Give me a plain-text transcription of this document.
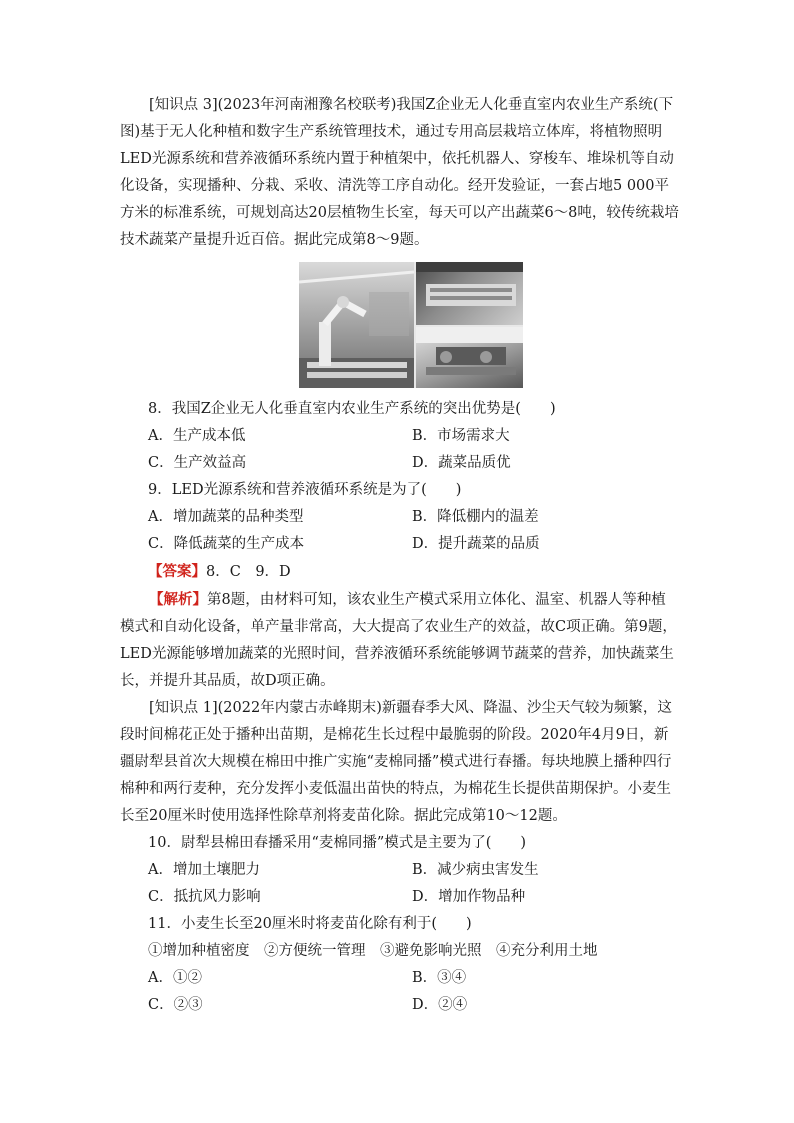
[知识点 3](2023年河南湘豫名校联考)我国Z企业无人化垂直室内农业生产系统(下图)基于无人化种植和数字生产系统管理技术，通过专用高层栽培立体库，将植物照明LED光源系统和营养液循环系统内置于种植架中，依托机器人、穿梭车、堆垛机等自动化设备，实现播种、分栽、采收、清洗等工序自动化。经开发验证，一套占地5 000平方米的标准系统，可规划高达20层植物生长室，每天可以产出蔬菜6～8吨，较传统栽培技术蔬菜产量提升近百倍。据此完成第8～9题。

8．我国Z企业无人化垂直室内农业生产系统的突出优势是(　　)

A．生产成本低	B．市场需求大
C．生产效益高	D．蔬菜品质优

9．LED光源系统和营养液循环系统是为了(　　)

A．增加蔬菜的品种类型	B．降低棚内的温差
C．降低蔬菜的生产成本	D．提升蔬菜的品质

【答案】8．C　9．D

【解析】第8题，由材料可知，该农业生产模式采用立体化、温室、机器人等种植模式和自动化设备，单产量非常高，大大提高了农业生产的效益，故C项正确。第9题，LED光源能够增加蔬菜的光照时间，营养液循环系统能够调节蔬菜的营养，加快蔬菜生长，并提升其品质，故D项正确。

[知识点 1](2022年内蒙古赤峰期末)新疆春季大风、降温、沙尘天气较为频繁，这段时间棉花正处于播种出苗期，是棉花生长过程中最脆弱的阶段。2020年4月9日，新疆尉犁县首次大规模在棉田中推广实施“麦棉同播”模式进行春播。每块地膜上播种四行棉种和两行麦种，充分发挥小麦低温出苗快的特点，为棉花生长提供苗期保护。小麦生长至20厘米时使用选择性除草剂将麦苗化除。据此完成第10～12题。

10．尉犁县棉田春播采用“麦棉同播”模式是主要为了(　　)

A．增加土壤肥力	B．减少病虫害发生
C．抵抗风力影响	D．增加作物品种

11．小麦生长至20厘米时将麦苗化除有利于(　　)

①增加种植密度　②方便统一管理　③避免影响光照　④充分利用土地

A．①②	B．③④
C．②③	D．②④
